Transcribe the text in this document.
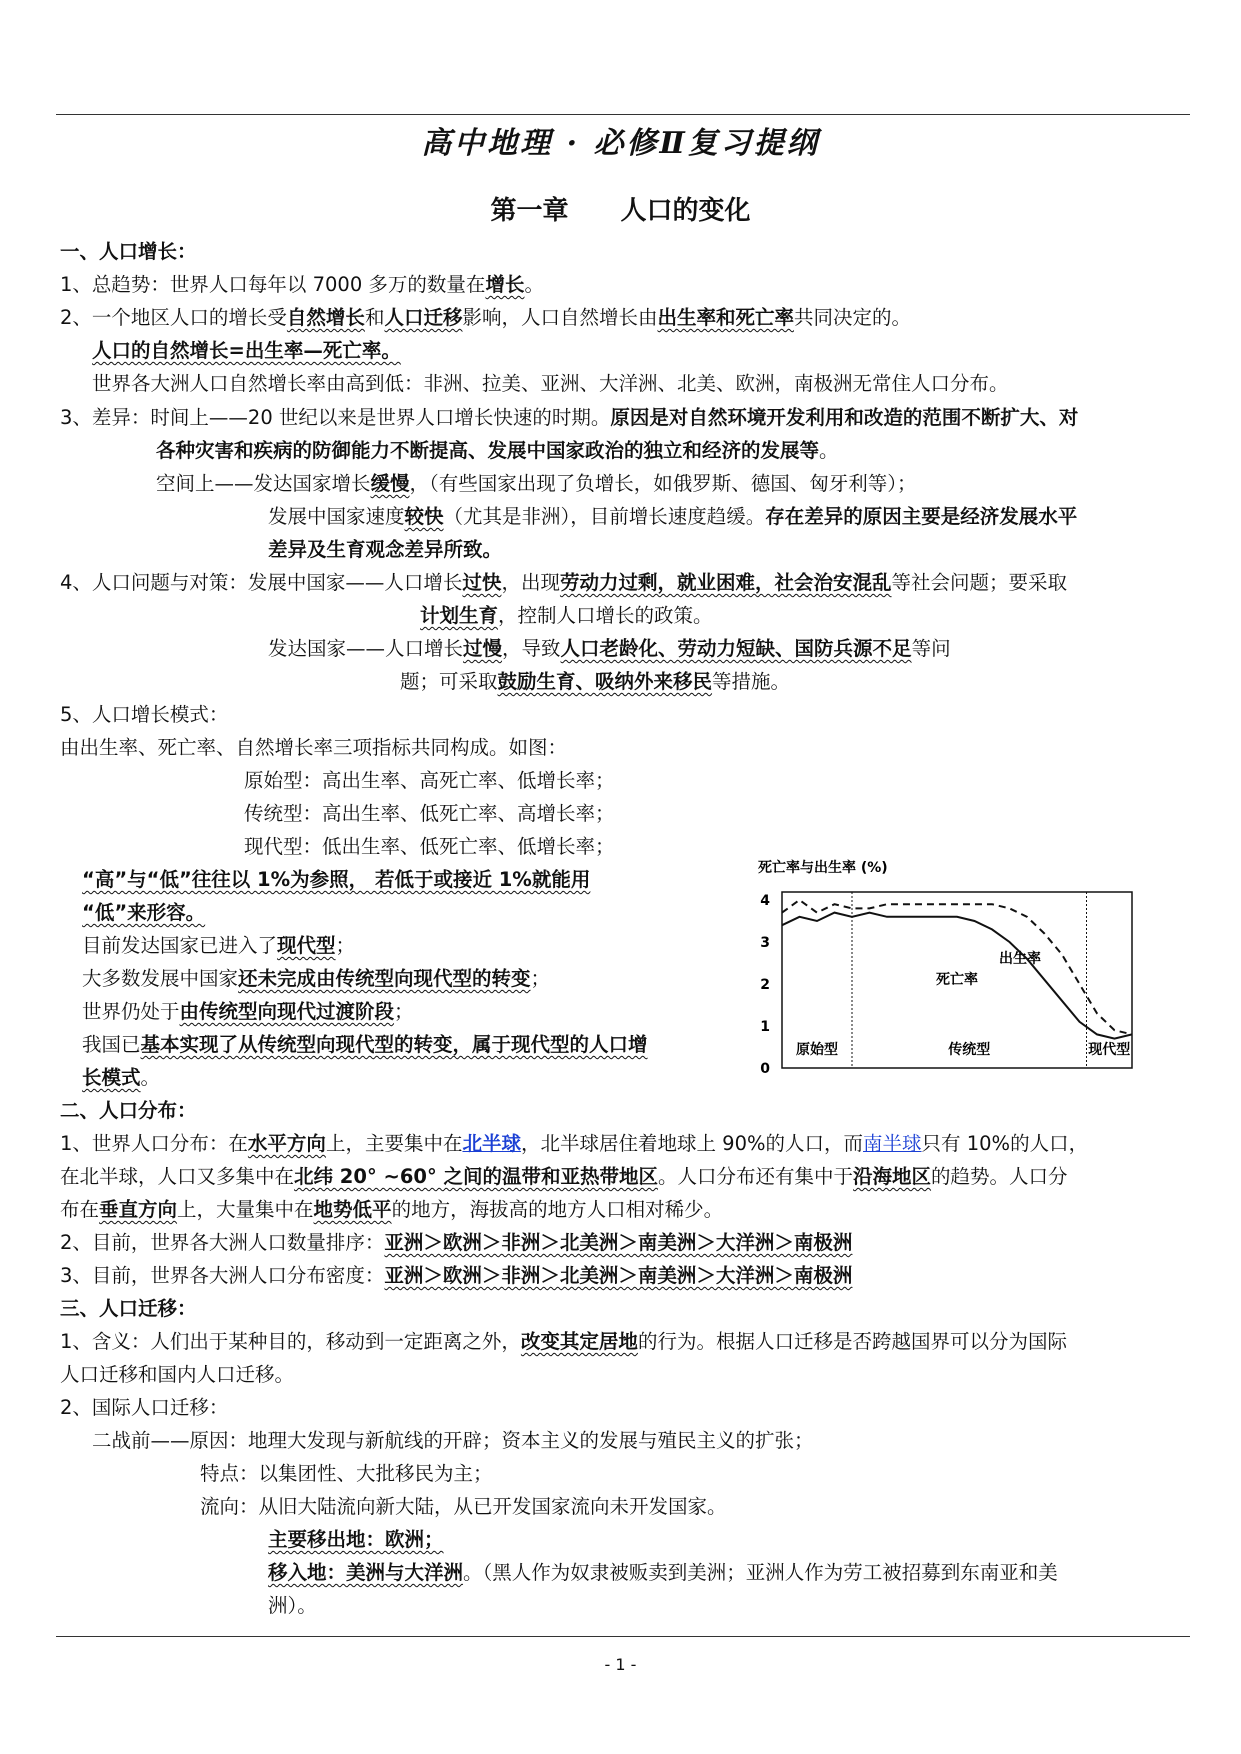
高中地理 · 必修Ⅱ复习提纲
第一章 人口的变化
一、人口增长：
1、总趋势：世界人口每年以 7000 多万的数量在增长。
2、一个地区人口的增长受自然增长和人口迁移影响，人口自然增长由出生率和死亡率共同决定的。
人口的自然增长=出生率—死亡率。
世界各大洲人口自然增长率由高到低：非洲、拉美、亚洲、大洋洲、北美、欧洲，南极洲无常住人口分布。
3、差异：时间上——20 世纪以来是世界人口增长快速的时期。原因是对自然环境开发利用和改造的范围不断扩大、对
各种灾害和疾病的防御能力不断提高、发展中国家政治的独立和经济的发展等。
空间上——发达国家增长缓慢，（有些国家出现了负增长，如俄罗斯、德国、匈牙利等）；
发展中国家速度较快（尤其是非洲），目前增长速度趋缓。存在差异的原因主要是经济发展水平
差异及生育观念差异所致。
4、人口问题与对策：发展中国家——人口增长过快，出现劳动力过剩，就业困难，社会治安混乱等社会问题；要采取
计划生育，控制人口增长的政策。
发达国家——人口增长过慢，导致人口老龄化、劳动力短缺、国防兵源不足等问
题；可采取鼓励生育、吸纳外来移民等措施。
5、人口增长模式：
由出生率、死亡率、自然增长率三项指标共同构成。如图：
原始型：高出生率、高死亡率、低增长率；
传统型：高出生率、低死亡率、高增长率；
现代型：低出生率、低死亡率、低增长率；
“高”与“低”往往以 1%为参照， 若低于或接近 1%就能用
“低”来形容。
目前发达国家已进入了现代型；
大多数发展中国家还未完成由传统型向现代型的转变；
世界仍处于由传统型向现代过渡阶段；
我国已基本实现了从传统型向现代型的转变，属于现代型的人口增
长模式。
死亡率与出生率 (%)
0
1
2
3
4
原始型	传统型	现代型
出生率
死亡率
二、人口分布：
1、世界人口分布：在水平方向上，主要集中在北半球，北半球居住着地球上 90%的人口，而南半球只有 10%的人口，
在北半球，人口又多集中在北纬 20° ~60° 之间的温带和亚热带地区。人口分布还有集中于沿海地区的趋势。人口分
布在垂直方向上，大量集中在地势低平的地方，海拔高的地方人口相对稀少。
2、目前，世界各大洲人口数量排序：亚洲＞欧洲＞非洲＞北美洲＞南美洲＞大洋洲＞南极洲
3、目前，世界各大洲人口分布密度：亚洲＞欧洲＞非洲＞北美洲＞南美洲＞大洋洲＞南极洲
三、人口迁移：
1、含义：人们出于某种目的，移动到一定距离之外，改变其定居地的行为。根据人口迁移是否跨越国界可以分为国际
人口迁移和国内人口迁移。
2、国际人口迁移：
二战前——原因：地理大发现与新航线的开辟；资本主义的发展与殖民主义的扩张；
特点：以集团性、大批移民为主；
流向：从旧大陆流向新大陆，从已开发国家流向未开发国家。
主要移出地：欧洲；
移入地：美洲与大洋洲。（黑人作为奴隶被贩卖到美洲；亚洲人作为劳工被招募到东南亚和美
洲）。
- 1 -
